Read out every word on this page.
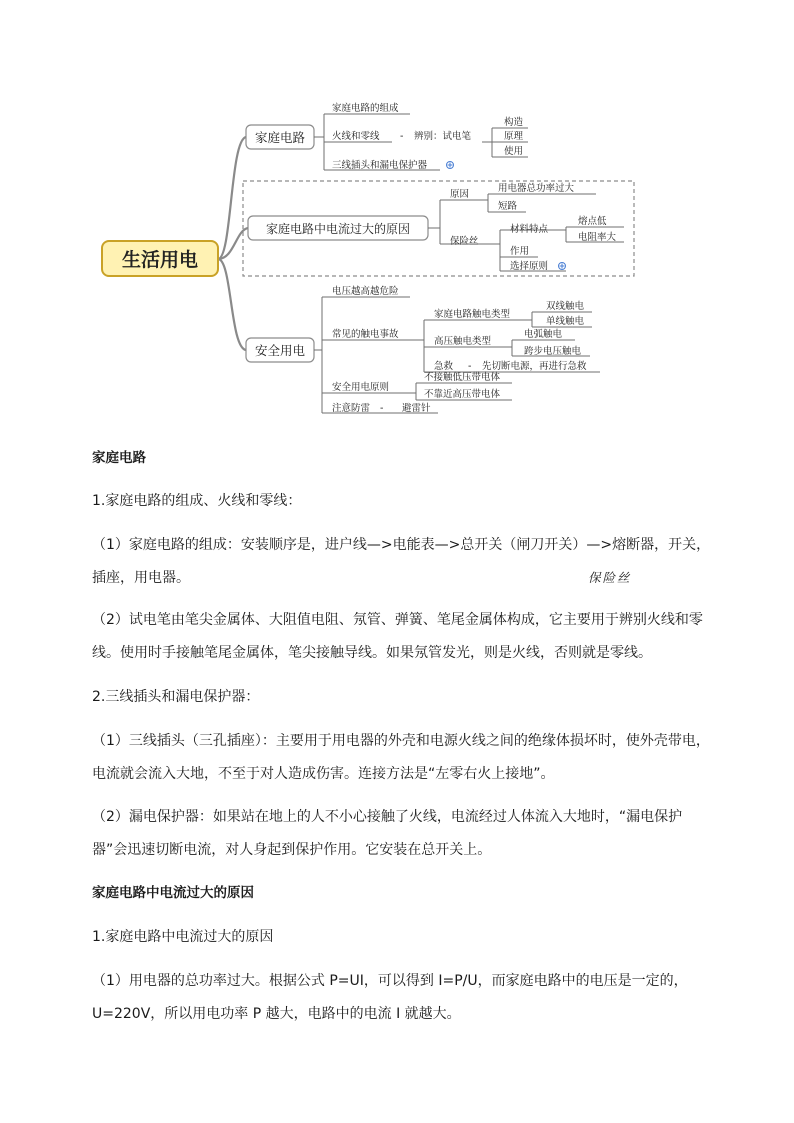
生活用电
家庭电路
家庭电路的组成
火线和零线 - 辨别：试电笔
构造
原理
使用
三线插头和漏电保护器
家庭电路中电流过大的原因
原因
用电器总功率过大
短路
保险丝
材料特点
熔点低
电阻率大
作用
选择原则
安全用电
电压越高越危险
常见的触电事故
家庭电路触电类型
双线触电
单线触电
高压触电类型
电弧触电
跨步电压触电
急救 - 先切断电源，再进行急救
安全用电原则
不接触低压带电体
不靠近高压带电体
注意防雷 - 避雷针

家庭电路

1.家庭电路的组成、火线和零线：

（1）家庭电路的组成：安装顺序是，进户线—>电能表—>总开关（闸刀开关）—>熔断器，开关，插座，用电器。	保险丝

（2）试电笔由笔尖金属体、大阻值电阻、氖管、弹簧、笔尾金属体构成，它主要用于辨别火线和零线。使用时手接触笔尾金属体，笔尖接触导线。如果氖管发光，则是火线，否则就是零线。

2.三线插头和漏电保护器：

（1）三线插头（三孔插座）：主要用于用电器的外壳和电源火线之间的绝缘体损坏时，使外壳带电，电流就会流入大地，不至于对人造成伤害。连接方法是“左零右火上接地”。

（2）漏电保护器：如果站在地上的人不小心接触了火线，电流经过人体流入大地时，“漏电保护器”会迅速切断电流，对人身起到保护作用。它安装在总开关上。

家庭电路中电流过大的原因

1.家庭电路中电流过大的原因

（1）用电器的总功率过大。根据公式 P=UI，可以得到 I=P/U，而家庭电路中的电压是一定的，U=220V，所以用电功率 P 越大，电路中的电流 I 就越大。
